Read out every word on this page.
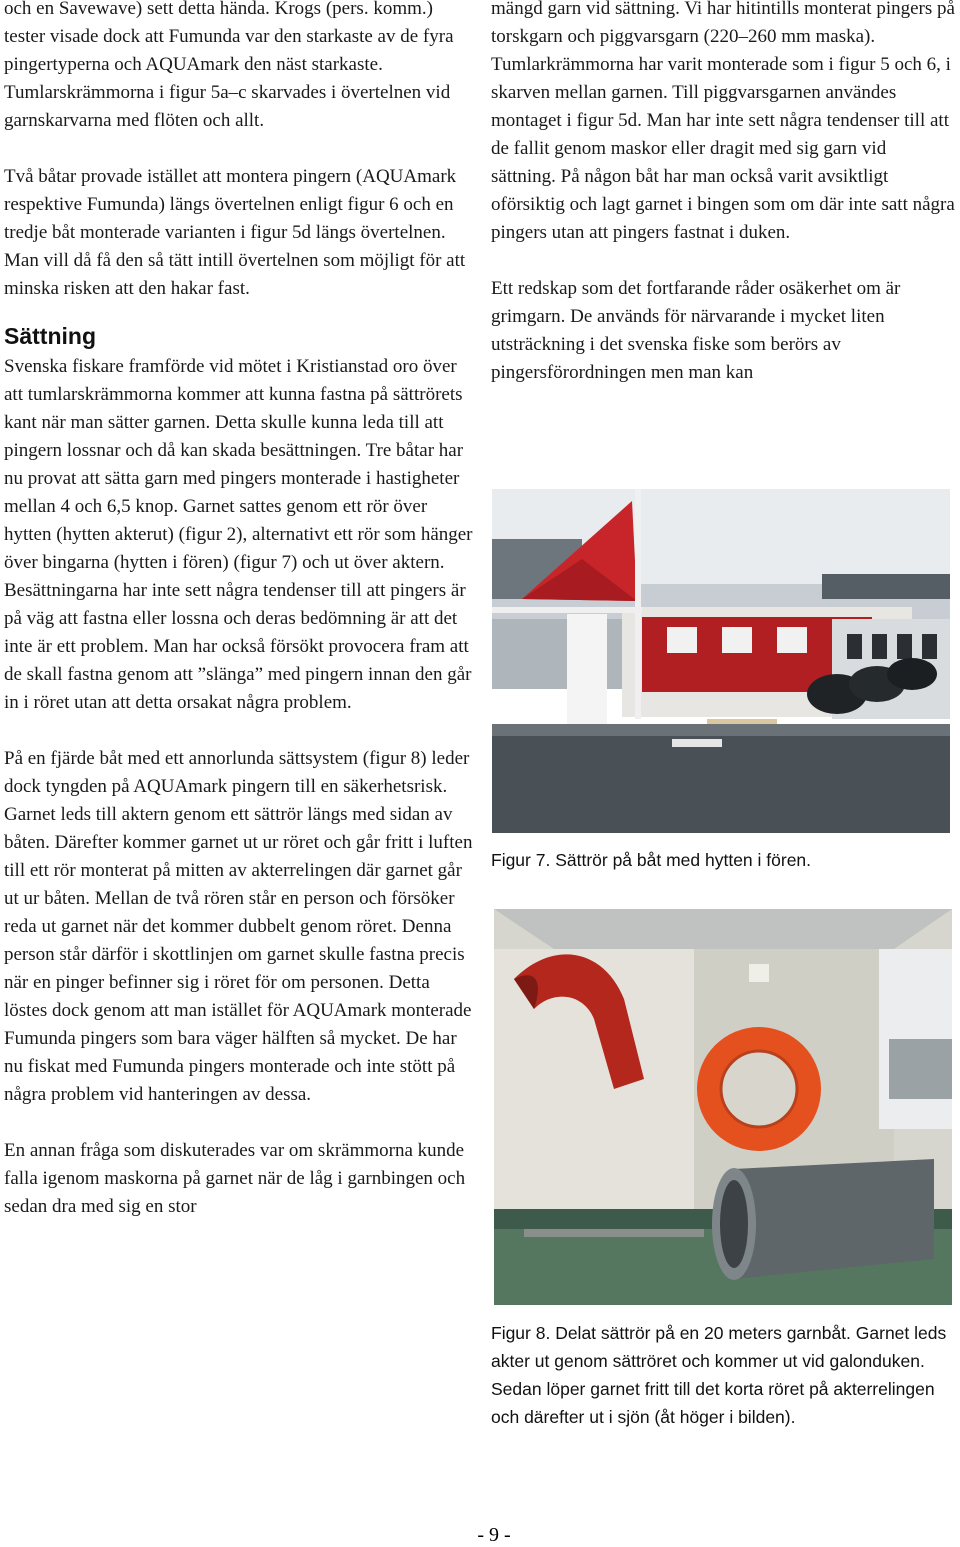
och en Savewave) sett detta hända. Krogs (pers. komm.) tester visade dock att Fumunda var den starkaste av de fyra pingertyperna och AQUAmark den näst starkaste. Tumlarskrämmorna i figur 5a–c skarvades i övertelnen vid garnskarvarna med flöten och allt.

Två båtar provade istället att montera pingern (AQUAmark respektive Fumunda) längs övertelnen enligt figur 6 och en tredje båt monterade varianten i figur 5d längs övertelnen. Man vill då få den så tätt intill övertelnen som möjligt för att minska risken att den hakar fast.

Sättning

Svenska fiskare framförde vid mötet i Kristianstad oro över att tumlarskrämmorna kommer att kunna fastna på sättrörets kant när man sätter garnen. Detta skulle kunna leda till att pingern lossnar och då kan skada besättningen. Tre båtar har nu provat att sätta garn med pingers monterade i hastigheter mellan 4 och 6,5 knop. Garnet sattes genom ett rör över hytten (hytten akterut) (figur 2), alternativt ett rör som hänger över bingarna (hytten i fören) (figur 7) och ut över aktern. Besättningarna har inte sett några tendenser till att pingers är på väg att fastna eller lossna och deras bedömning är att det inte är ett problem. Man har också försökt provocera fram att de skall fastna genom att ”slänga” med pingern innan den går in i röret utan att detta orsakat några problem.

På en fjärde båt med ett annorlunda sättsystem (figur 8) leder dock tyngden på AQUAmark pingern till en säkerhetsrisk. Garnet leds till aktern genom ett sättrör längs med sidan av båten. Därefter kommer garnet ut ur röret och går fritt i luften till ett rör monterat på mitten av akterrelingen där garnet går ut ur båten. Mellan de två rören står en person och försöker reda ut garnet när det kommer dubbelt genom röret. Denna person står därför i skottlinjen om garnet skulle fastna precis när en pinger befinner sig i röret för om personen. Detta löstes dock genom att man istället för AQUAmark monterade Fumunda pingers som bara väger hälften så mycket. De har nu fiskat med Fumunda pingers monterade och inte stött på några problem vid hanteringen av dessa.

En annan fråga som diskuterades var om skrämmorna kunde falla igenom maskorna på garnet när de låg i garnbingen och sedan dra med sig en stor

mängd garn vid sättning. Vi har hitintills monterat pingers på torskgarn och piggvarsgarn (220–260 mm maska). Tumlarkrämmorna har varit monterade som i figur 5 och 6, i skarven mellan garnen. Till piggvarsgarnen användes montaget i figur 5d. Man har inte sett några tendenser till att de fallit genom maskor eller dragit med sig garn vid sättning. På någon båt har man också varit avsiktligt oförsiktig och lagt garnet i bingen som om där inte satt några pingers utan att pingers fastnat i duken.

Ett redskap som det fortfarande råder osäkerhet om är grimgarn. De används för närvarande i mycket liten utsträckning i det svenska fiske som berörs av pingersförordningen men man kan

Figur 7. Sättrör på båt med hytten i fören.
Figur 8. Delat sättrör på en 20 meters garnbåt. Garnet leds akter ut genom sättröret och kommer ut vid galonduken. Sedan löper garnet fritt till det korta röret på akterrelingen och därefter ut i sjön (åt höger i bilden).
- 9 -
